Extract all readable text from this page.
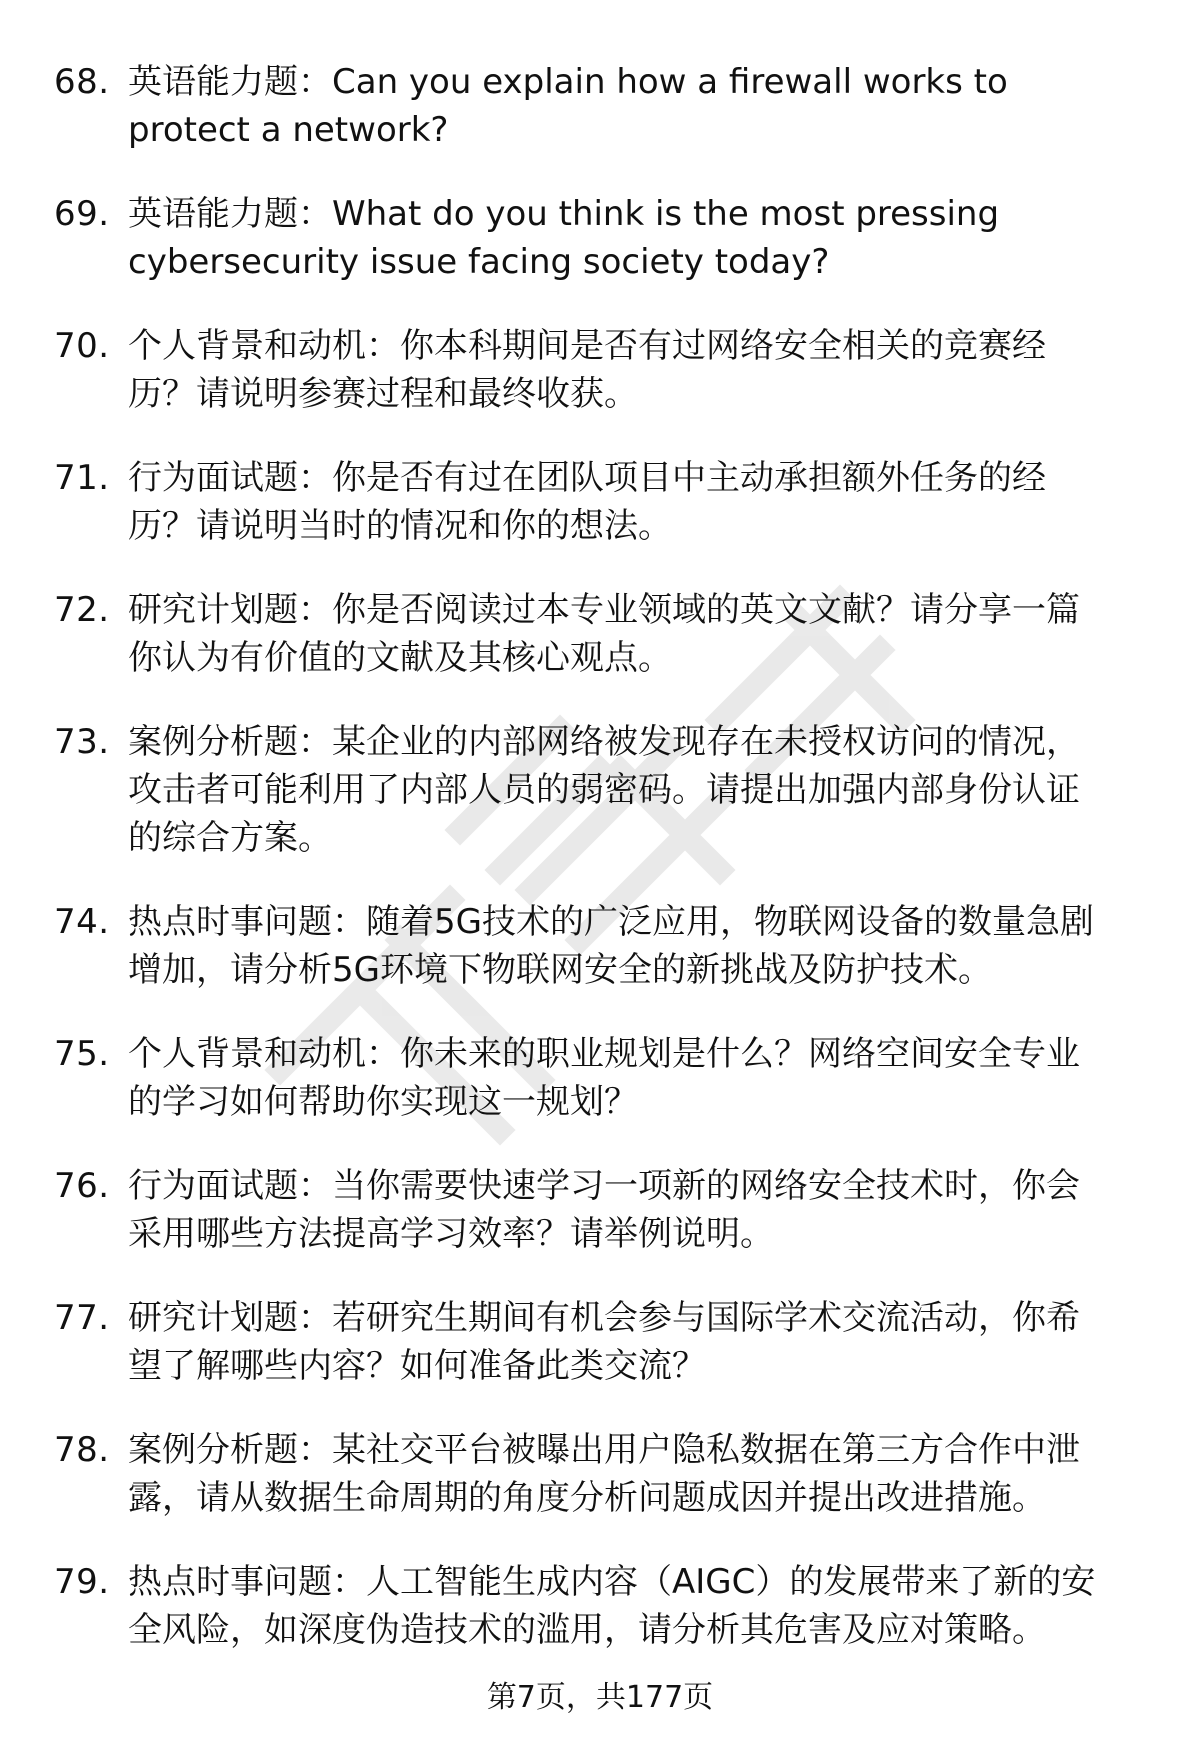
68. 英语能力题：Can you explain how a firewall works to
protect a network?
69. 英语能力题：What do you think is the most pressing
cybersecurity issue facing society today?
70. 个人背景和动机：你本科期间是否有过网络安全相关的竞赛经
历？请说明参赛过程和最终收获。
71. 行为面试题：你是否有过在团队项目中主动承担额外任务的经
历？请说明当时的情况和你的想法。
72. 研究计划题：你是否阅读过本专业领域的英文文献？请分享一篇
你认为有价值的文献及其核心观点。
73. 案例分析题：某企业的内部网络被发现存在未授权访问的情况，
攻击者可能利用了内部人员的弱密码。请提出加强内部身份认证
的综合方案。
74. 热点时事问题：随着5G技术的广泛应用，物联网设备的数量急剧
增加，请分析5G环境下物联网安全的新挑战及防护技术。
75. 个人背景和动机：你未来的职业规划是什么？网络空间安全专业
的学习如何帮助你实现这一规划？
76. 行为面试题：当你需要快速学习一项新的网络安全技术时，你会
采用哪些方法提高学习效率？请举例说明。
77. 研究计划题：若研究生期间有机会参与国际学术交流活动，你希
望了解哪些内容？如何准备此类交流？
78. 案例分析题：某社交平台被曝出用户隐私数据在第三方合作中泄
露，请从数据生命周期的角度分析问题成因并提出改进措施。
79. 热点时事问题：人工智能生成内容（AIGC）的发展带来了新的安
全风险，如深度伪造技术的滥用，请分析其危害及应对策略。
第7页，共177页
